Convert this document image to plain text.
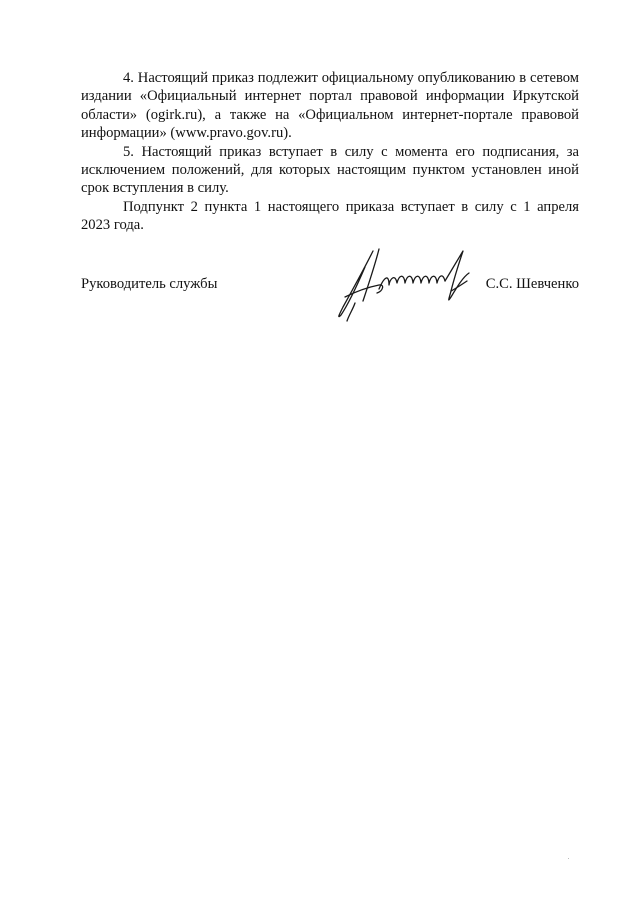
4. Настоящий приказ подлежит официальному опубликованию в сетевом издании «Официальный интернет портал правовой информации Иркутской области» (ogirk.ru), а также на «Официальном интернет-портале правовой информации» (www.pravo.gov.ru).

5. Настоящий приказ вступает в силу с момента его подписания, за исключением положений, для которых настоящим пунктом установлен иной срок вступления в силу.

Подпункт 2 пункта 1 настоящего приказа вступает в силу с 1 апреля 2023 года.

Руководитель службы	С.С. Шевченко
